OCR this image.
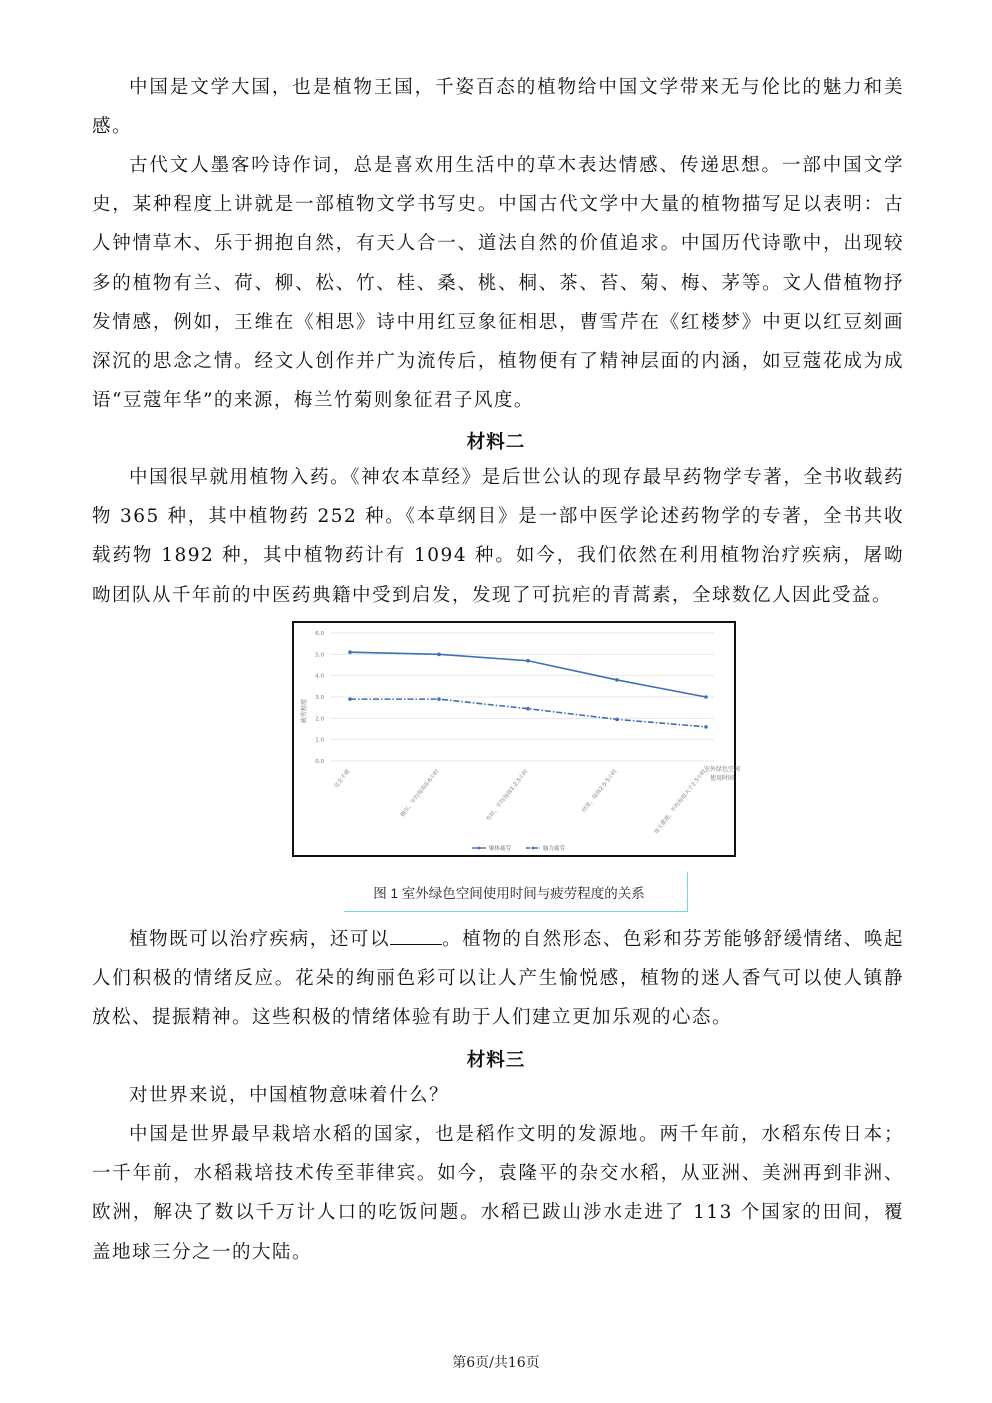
中国是文学大国，也是植物王国，千姿百态的植物给中国文学带来无与伦比的魅力和美感。

古代文人墨客吟诗作词，总是喜欢用生活中的草木表达情感、传递思想。一部中国文学史，某种程度上讲就是一部植物文学书写史。中国古代文学中大量的植物描写足以表明：古人钟情草木、乐于拥抱自然，有天人合一、道法自然的价值追求。中国历代诗歌中，出现较多的植物有兰、荷、柳、松、竹、桂、桑、桃、桐、茶、苔、菊、梅、茅等。文人借植物抒发情感，例如，王维在《相思》诗中用红豆象征相思，曹雪芹在《红楼梦》中更以红豆刻画深沉的思念之情。经文人创作并广为流传后，植物便有了精神层面的内涵，如豆蔻花成为成语“豆蔻年华”的来源，梅兰竹菊则象征君子风度。

材料二

中国很早就用植物入药。《神农本草经》是后世公认的现存最早药物学专著，全书收载药物 365 种，其中植物药 252 种。《本草纲目》是一部中医学论述药物学的专著，全书共收载药物 1892 种，其中植物药计有 1094 种。如今，我们依然在利用植物治疗疾病，屠呦呦团队从千年前的中医药典籍中受到启发，发现了可抗疟的青蒿素，全球数亿人因此受益。

0.0
1.0
2.0
3.0
4.0
5.0
6.0
疲劳程度
完全不使	偶尔，平均每周0-6小时	有时，平均每周1-2.5小时	经常，每周2.5-5小时	每天都使，平均每周大于2.5小时
室外绿色空间
使用时间
躯体疲劳	脑力疲劳
图 1 室外绿色空间使用时间与疲劳程度的关系

植物既可以治疗疾病，还可以	。植物的自然形态、色彩和芬芳能够舒缓情绪、唤起人们积极的情绪反应。花朵的绚丽色彩可以让人产生愉悦感，植物的迷人香气可以使人镇静放松、提振精神。这些积极的情绪体验有助于人们建立更加乐观的心态。

材料三

对世界来说，中国植物意味着什么？

中国是世界最早栽培水稻的国家，也是稻作文明的发源地。两千年前，水稻东传日本；一千年前，水稻栽培技术传至菲律宾。如今，袁隆平的杂交水稻，从亚洲、美洲再到非洲、欧洲，解决了数以千万计人口的吃饭问题。水稻已跋山涉水走进了 113 个国家的田间，覆盖地球三分之一的大陆。

第6页/共16页
